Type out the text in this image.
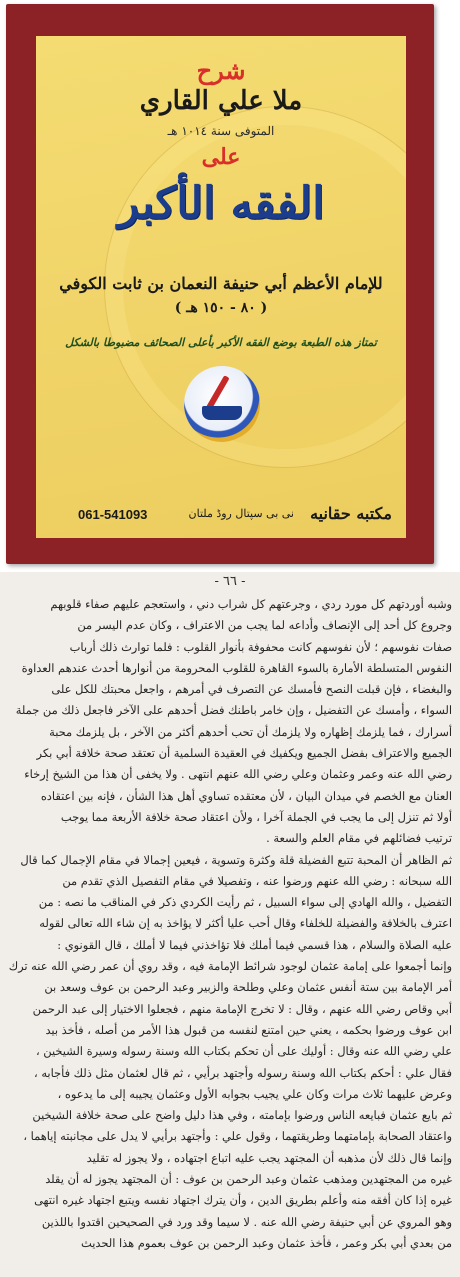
شرح
ملا علي القاري
المتوفى سنة ١٠١٤ هـ
على
الفقه الأكبر
للإمام الأعظم أبي حنيفة النعمان بن ثابت الكوفي
( ٨٠ - ١٥٠ هـ )
تمتاز هذه الطبعة بوضع الفقه الأكبر بأعلى الصحائف مضبوطا بالشكل
مكتبه حقانيه
نى بى سپتال روڈ ملتان
061-541093
- ٦٦ -
وشبه أوردتهم كل مورد ردي ، وجرعتهم كل شراب دني ، واستعجم عليهم صفاء قلوبهم
وجروع كل أحد إلى الإنصاف وأداعه لما يجب من الاعتراف ، وكان عدم اليسر من
صفات نفوسهم ؛ لأن نفوسهم كانت محفوفة بأنوار القلوب : فلما توارث ذلك أرباب
النفوس المتسلطة الأمارة بالسوء القاهرة للقلوب المحرومة من أنوارها أحدث عندهم العداوة
والبغضاء ، فإن قبلت النصح فأمسك عن التصرف في أمرهم ، واجعل محبتك للكل على
السواء ، وأمسك عن التفضيل ، وإن خامر باطنك فضل أحدهم على الآخر فاجعل ذلك من جملة
أسرارك ، فما يلزمك إظهاره ولا يلزمك أن تحب أحدهم أكثر من الآخر ، بل يلزمك محبة
الجميع والاعتراف بفضل الجميع ويكفيك في العقيدة السلمية أن تعتقد صحة خلافة أبي بكر
رضي الله عنه وعمر وعثمان وعلي رضي الله عنهم انتهى . ولا يخفى أن هذا من الشيخ إرخاء
العنان مع الخصم في ميدان البيان ، لأن معتقده تساوي أهل هذا الشأن ، فإنه بين اعتقاده
أولا ثم تنزل إلى ما يجب في الجملة آخرا ، ولأن اعتقاد صحة خلافة الأربعة مما يوجب
ترتيب فضائلهم في مقام العلم والسعة .
ثم الظاهر أن المحبة تتبع الفضيلة قلة وكثرة وتسوية ، فيعين إجمالا في مقام الإجمال كما قال
الله سبحانه : رضي الله عنهم ورضوا عنه ، وتفصيلا في مقام التفصيل الذي تقدم من
التفضيل ، والله الهادي إلى سواء السبيل ، ثم رأيت الكردي ذكر في المناقب ما نصه : من
اعترف بالخلافة والفضيلة للخلفاء وقال أحب عليا أكثر لا يؤاخذ به إن شاء الله تعالى لقوله
عليه الصلاة والسلام ، هذا قسمي فيما أملك فلا تؤاخذني فيما لا أملك ، قال القونوي :
وإنما أجمعوا على إمامة عثمان لوجود شرائط الإمامة فيه ، وقد روي أن عمر رضي الله عنه ترك
أمر الإمامة بين ستة أنفس عثمان وعلي وطلحة والزبير وعبد الرحمن بن عوف وسعد بن
أبي وقاص رضي الله عنهم ، وقال : لا تخرج الإمامة منهم ، فجعلوا الاختيار إلى عبد الرحمن
ابن عوف ورضوا بحكمه ، يعني حين امتنع لنفسه من قبول هذا الأمر من أصله ، فأخذ بيد
علي رضي الله عنه وقال : أوليك على أن تحكم بكتاب الله وسنة رسوله وسيرة الشيخين ،
فقال علي : أحكم بكتاب الله وسنة رسوله وأجتهد برأيي ، ثم قال لعثمان مثل ذلك فأجابه ،
وعرض عليهما ثلاث مرات وكان علي يجيب بجوابه الأول وعثمان يجيبه إلى ما يدعوه ،
ثم بايع عثمان فبايعه الناس ورضوا بإمامته ، وفي هذا دليل واضح على صحة خلافة الشيخين
واعتقاد الصحابة بإمامتهما وطريقتهما ، وقول علي : وأجتهد برأيي لا يدل على مجانبته إياهما ،
وإنما قال ذلك لأن مذهبه أن المجتهد يجب عليه اتباع اجتهاده ، ولا يجوز له تقليد
غيره من المجتهدين ومذهب عثمان وعبد الرحمن بن عوف : أن المجتهد يجوز له أن يقلد
غيره إذا كان أفقه منه وأعلم بطريق الدين ، وأن يترك اجتهاد نفسه ويتبع اجتهاد غيره انتهى
وهو المروي عن أبي حنيفة رضي الله عنه . لا سيما وقد ورد في الصحيحين اقتدوا باللذين
من بعدي أبي بكر وعمر ، فأخذ عثمان وعبد الرحمن بن عوف بعموم هذا الحديث
